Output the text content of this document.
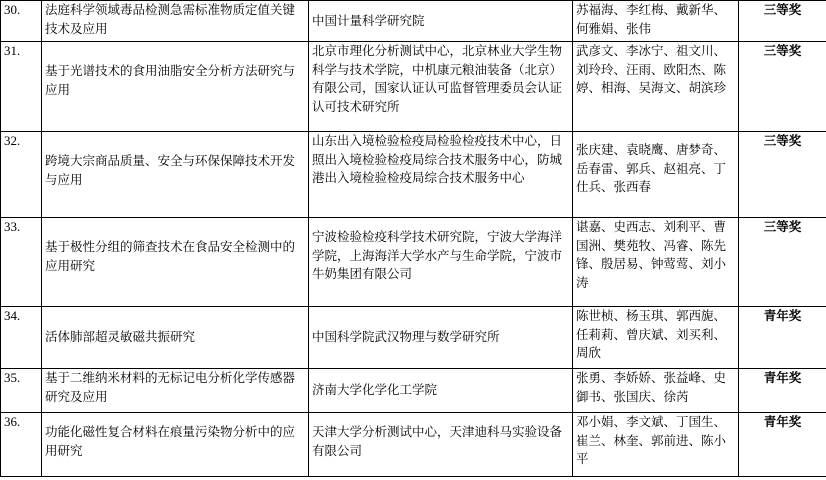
30.	法庭科学领域毒品检测急需标准物质定值关键技术及应用	中国计量科学研究院	苏福海、李红梅、戴新华、何雅娟、张伟	三等奖
31.	基于光谱技术的食用油脂安全分析方法研究与应用	北京市理化分析测试中心，北京林业大学生物科学与技术学院，中机康元粮油装备（北京）有限公司，国家认证认可监督管理委员会认证认可技术研究所	武彦文、李冰宁、祖文川、刘玲玲、汪雨、欧阳杰、陈婷、相海、吴海文、胡滨珍	三等奖
32.	跨境大宗商品质量、安全与环保保障技术开发与应用	山东出入境检验检疫局检验检疫技术中心，日照出入境检验检疫局综合技术服务中心，防城港出入境检验检疫局综合技术服务中心	张庆建、袁晓鹰、唐梦奇、岳春雷、郭兵、赵祖亮、丁仕兵、张西春	三等奖
33.	基于极性分组的筛查技术在食品安全检测中的应用研究	宁波检验检疫科学技术研究院，宁波大学海洋学院，上海海洋大学水产与生命学院，宁波市牛奶集团有限公司	谌嘉、史西志、刘利平、曹国洲、樊苑牧、冯睿、陈先锋、殷居易、钟莺莺、刘小涛	三等奖
34.	活体肺部超灵敏磁共振研究	中国科学院武汉物理与数学研究所	陈世桢、杨玉琪、郭西旎、任莉莉、曾庆斌、刘买利、周欣	青年奖
35.	基于二维纳米材料的无标记电分析化学传感器研究及应用	济南大学化学化工学院	张勇、李娇娇、张益峰、史御书、张国庆、徐芮	青年奖
36.	功能化磁性复合材料在痕量污染物分析中的应用研究	天津大学分析测试中心，天津迪科马实验设备有限公司	邓小娟、李文斌、丁国生、崔兰、林奎、郭前进、陈小平	青年奖
